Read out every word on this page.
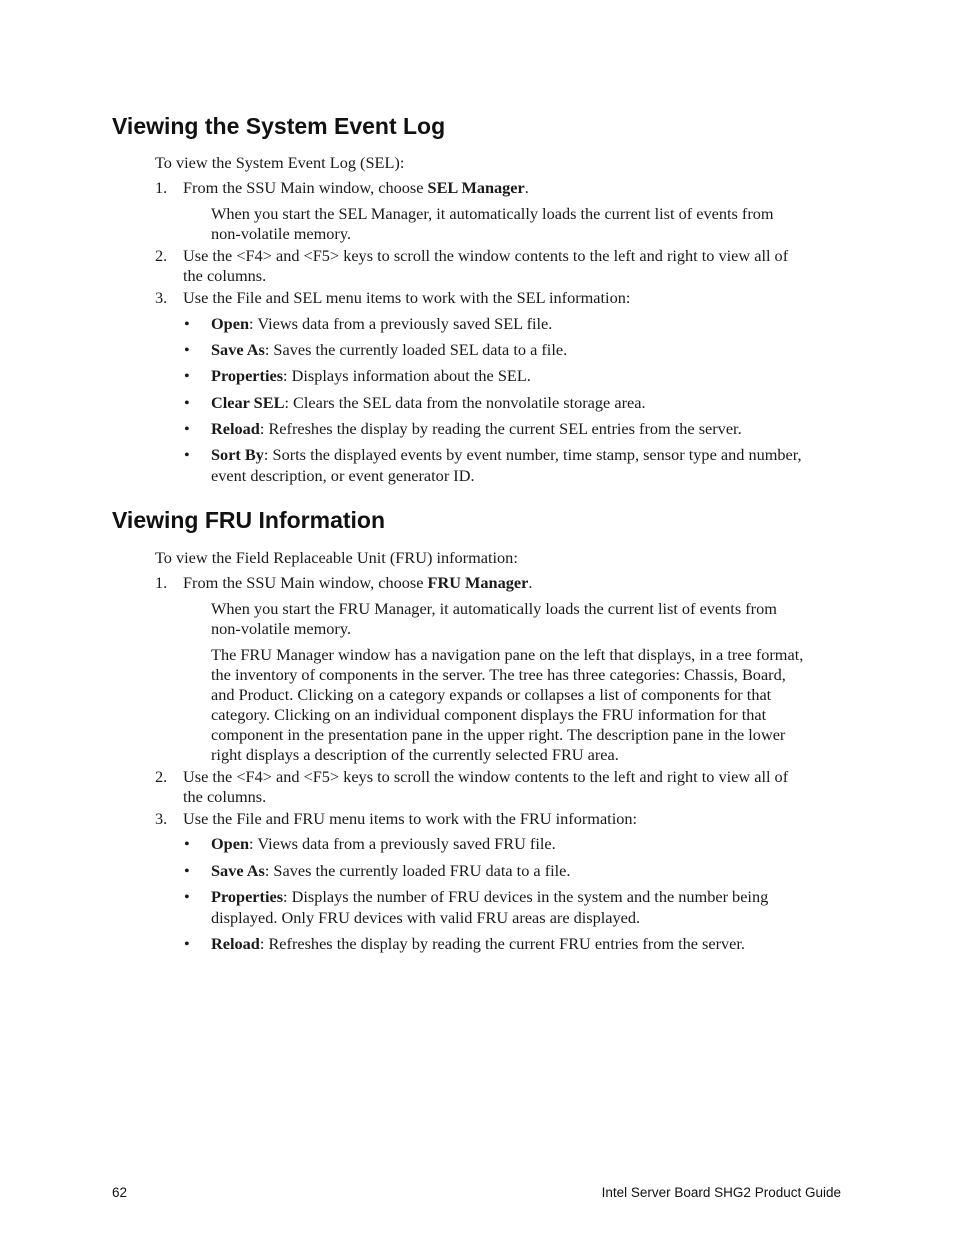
Viewing the System Event Log

To view the System Event Log (SEL):

1. From the SSU Main window, choose SEL Manager.

When you start the SEL Manager, it automatically loads the current list of events from

non-volatile memory.

2. Use the <F4> and <F5> keys to scroll the window contents to the left and right to view all of

the columns.

3. Use the File and SEL menu items to work with the SEL information:

• Open: Views data from a previously saved SEL file.

• Save As: Saves the currently loaded SEL data to a file.

• Properties: Displays information about the SEL.

• Clear SEL: Clears the SEL data from the nonvolatile storage area.

• Reload: Refreshes the display by reading the current SEL entries from the server.

• Sort By: Sorts the displayed events by event number, time stamp, sensor type and number,

event description, or event generator ID.

Viewing FRU Information

To view the Field Replaceable Unit (FRU) information:

1. From the SSU Main window, choose FRU Manager.

When you start the FRU Manager, it automatically loads the current list of events from

non-volatile memory.

The FRU Manager window has a navigation pane on the left that displays, in a tree format,

the inventory of components in the server. The tree has three categories: Chassis, Board,

and Product. Clicking on a category expands or collapses a list of components for that

category. Clicking on an individual component displays the FRU information for that

component in the presentation pane in the upper right. The description pane in the lower

right displays a description of the currently selected FRU area.

2. Use the <F4> and <F5> keys to scroll the window contents to the left and right to view all of

the columns.

3. Use the File and FRU menu items to work with the FRU information:

• Open: Views data from a previously saved FRU file.

• Save As: Saves the currently loaded FRU data to a file.

• Properties: Displays the number of FRU devices in the system and the number being

displayed. Only FRU devices with valid FRU areas are displayed.

• Reload: Refreshes the display by reading the current FRU entries from the server.

62	Intel Server Board SHG2 Product Guide
